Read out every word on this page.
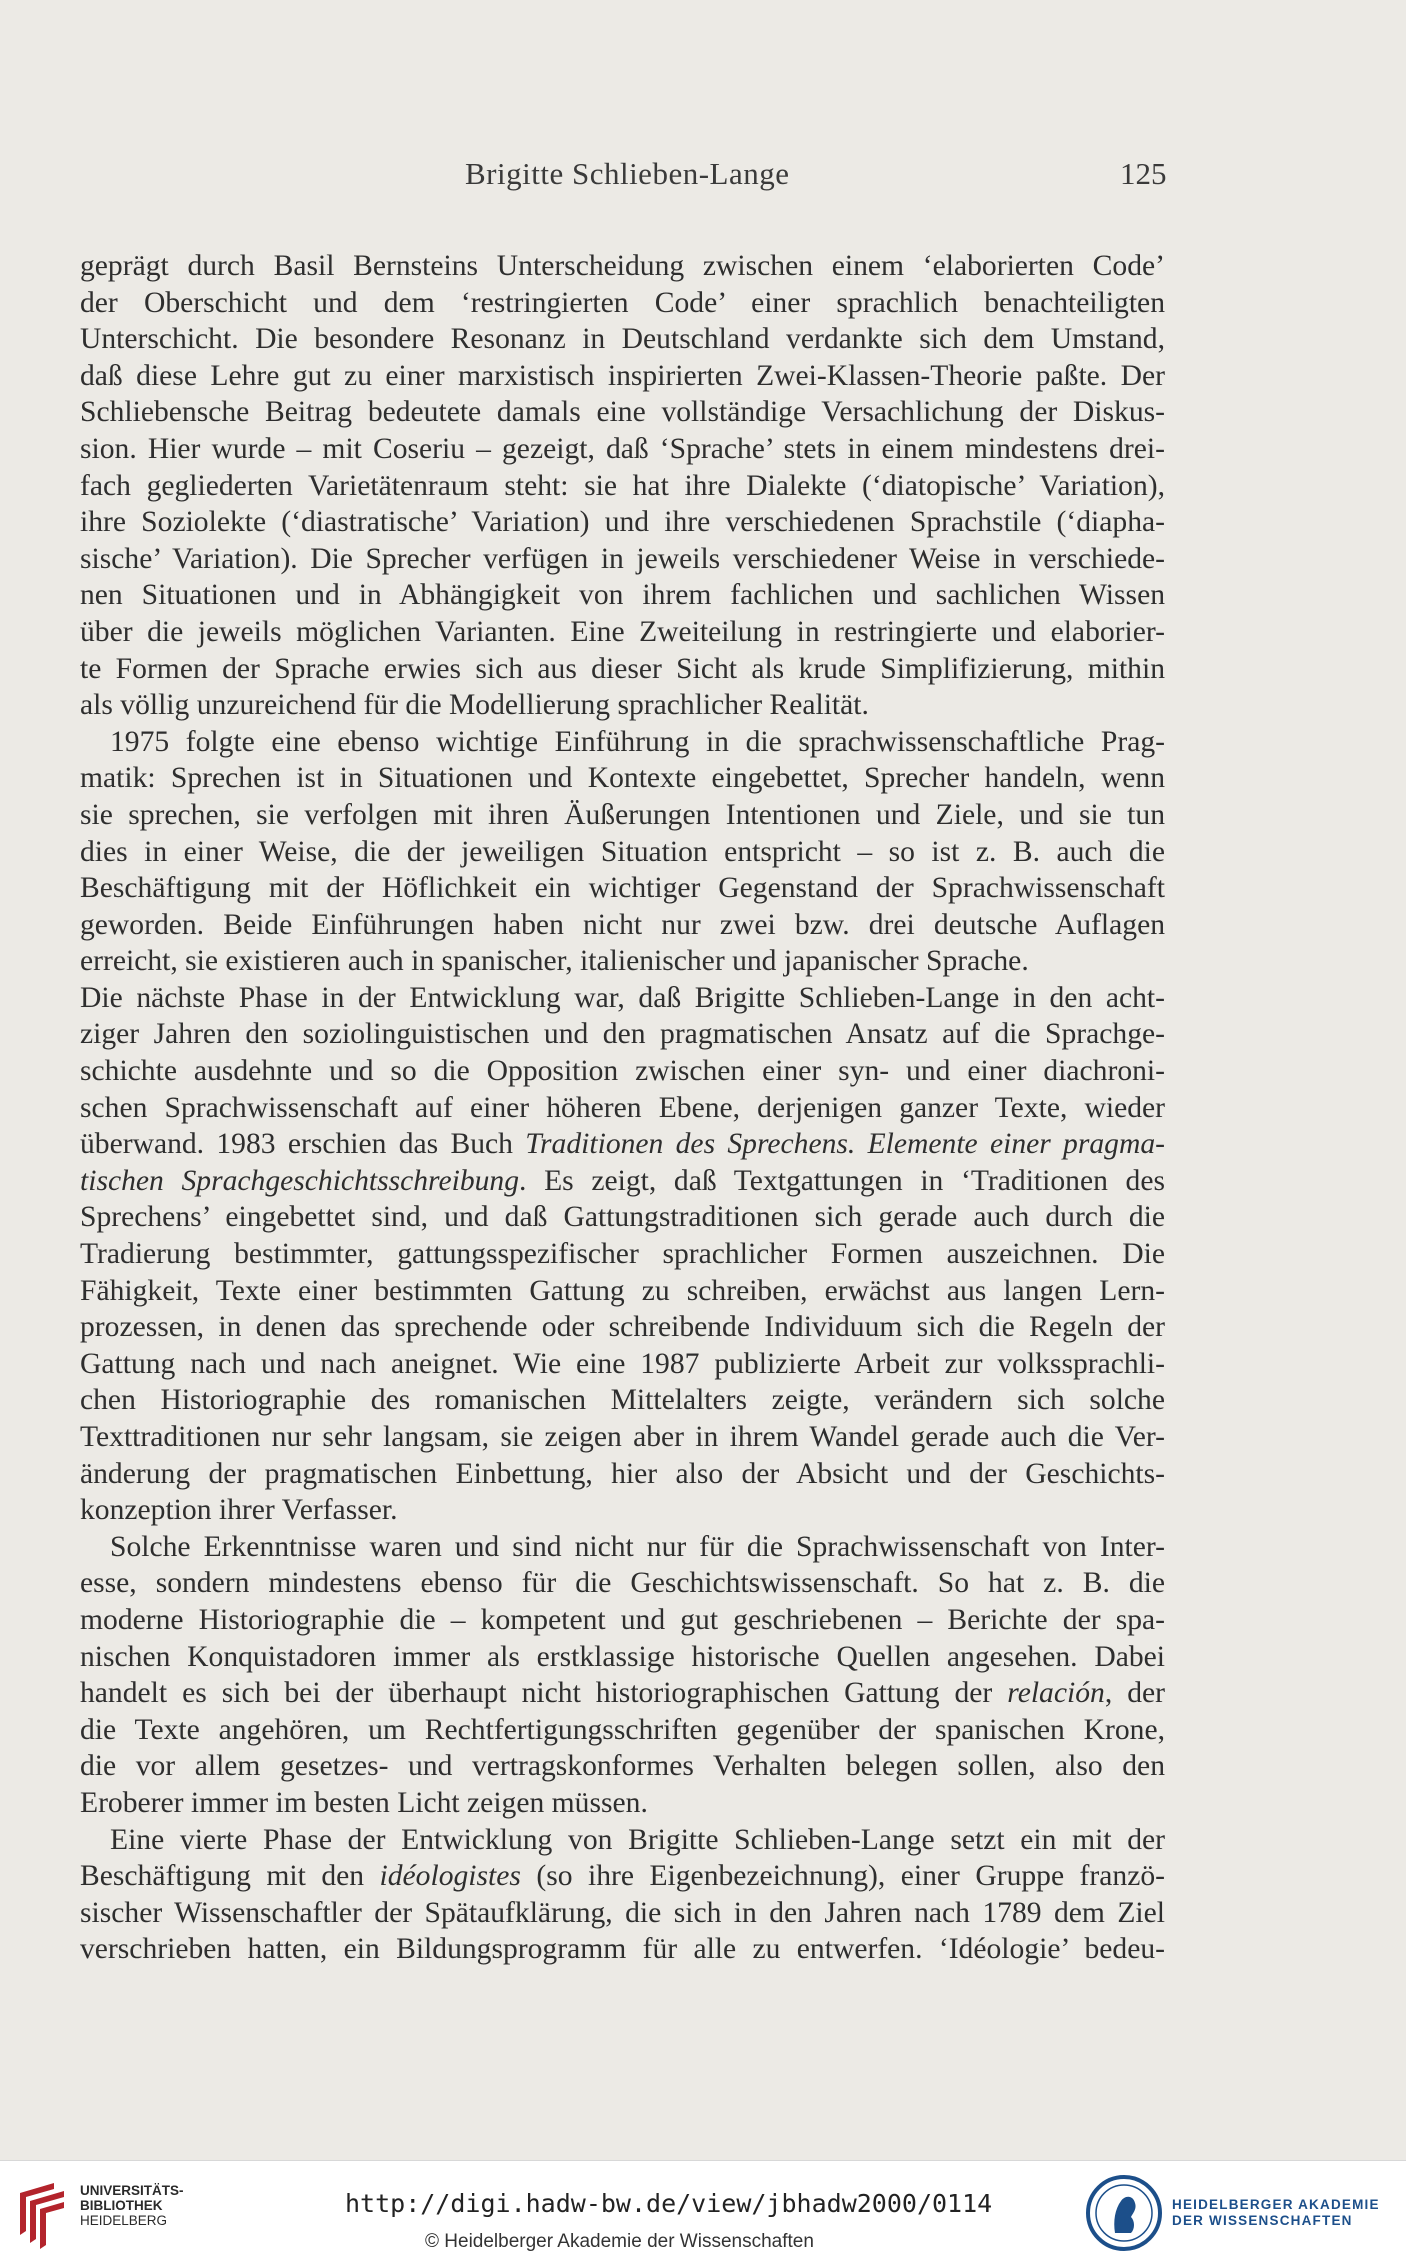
Brigitte Schlieben-Lange	125
geprägt durch Basil Bernsteins Unterscheidung zwischen einem ‘elaborierten Code’
der Oberschicht und dem ‘restringierten Code’ einer sprachlich benachteiligten
Unterschicht. Die besondere Resonanz in Deutschland verdankte sich dem Umstand,
daß diese Lehre gut zu einer marxistisch inspirierten Zwei-Klassen-Theorie paßte. Der
Schliebensche Beitrag bedeutete damals eine vollständige Versachlichung der Diskus-
sion. Hier wurde – mit Coseriu – gezeigt, daß ‘Sprache’ stets in einem mindestens drei-
fach gegliederten Varietätenraum steht: sie hat ihre Dialekte (‘diatopische’ Variation),
ihre Soziolekte (‘diastratische’ Variation) und ihre verschiedenen Sprachstile (‘diapha-
sische’ Variation). Die Sprecher verfügen in jeweils verschiedener Weise in verschiede-
nen Situationen und in Abhängigkeit von ihrem fachlichen und sachlichen Wissen
über die jeweils möglichen Varianten. Eine Zweiteilung in restringierte und elaborier-
te Formen der Sprache erwies sich aus dieser Sicht als krude Simplifizierung, mithin
als völlig unzureichend für die Modellierung sprachlicher Realität.
1975 folgte eine ebenso wichtige Einführung in die sprachwissenschaftliche Prag-
matik: Sprechen ist in Situationen und Kontexte eingebettet, Sprecher handeln, wenn
sie sprechen, sie verfolgen mit ihren Äußerungen Intentionen und Ziele, und sie tun
dies in einer Weise, die der jeweiligen Situation entspricht – so ist z. B. auch die
Beschäftigung mit der Höflichkeit ein wichtiger Gegenstand der Sprachwissenschaft
geworden. Beide Einführungen haben nicht nur zwei bzw. drei deutsche Auflagen
erreicht, sie existieren auch in spanischer, italienischer und japanischer Sprache.
Die nächste Phase in der Entwicklung war, daß Brigitte Schlieben-Lange in den acht-
ziger Jahren den soziolinguistischen und den pragmatischen Ansatz auf die Sprachge-
schichte ausdehnte und so die Opposition zwischen einer syn- und einer diachroni-
schen Sprachwissenschaft auf einer höheren Ebene, derjenigen ganzer Texte, wieder
überwand. 1983 erschien das Buch Traditionen des Sprechens. Elemente einer pragma-
tischen Sprachgeschichtsschreibung. Es zeigt, daß Textgattungen in ‘Traditionen des
Sprechens’ eingebettet sind, und daß Gattungstraditionen sich gerade auch durch die
Tradierung bestimmter, gattungsspezifischer sprachlicher Formen auszeichnen. Die
Fähigkeit, Texte einer bestimmten Gattung zu schreiben, erwächst aus langen Lern-
prozessen, in denen das sprechende oder schreibende Individuum sich die Regeln der
Gattung nach und nach aneignet. Wie eine 1987 publizierte Arbeit zur volkssprachli-
chen Historiographie des romanischen Mittelalters zeigte, verändern sich solche
Texttraditionen nur sehr langsam, sie zeigen aber in ihrem Wandel gerade auch die Ver-
änderung der pragmatischen Einbettung, hier also der Absicht und der Geschichts-
konzeption ihrer Verfasser.
Solche Erkenntnisse waren und sind nicht nur für die Sprachwissenschaft von Inter-
esse, sondern mindestens ebenso für die Geschichtswissenschaft. So hat z. B. die
moderne Historiographie die – kompetent und gut geschriebenen – Berichte der spa-
nischen Konquistadoren immer als erstklassige historische Quellen angesehen. Dabei
handelt es sich bei der überhaupt nicht historiographischen Gattung der relación, der
die Texte angehören, um Rechtfertigungsschriften gegenüber der spanischen Krone,
die vor allem gesetzes- und vertragskonformes Verhalten belegen sollen, also den
Eroberer immer im besten Licht zeigen müssen.
Eine vierte Phase der Entwicklung von Brigitte Schlieben-Lange setzt ein mit der
Beschäftigung mit den idéologistes (so ihre Eigenbezeichnung), einer Gruppe franzö-
sischer Wissenschaftler der Spätaufklärung, die sich in den Jahren nach 1789 dem Ziel
verschrieben hatten, ein Bildungsprogramm für alle zu entwerfen. ‘Idéologie’ bedeu-
UNIVERSITÄTS-
BIBLIOTHEK
HEIDELBERG
http://digi.hadw-bw.de/view/jbhadw2000/0114
© Heidelberger Akademie der Wissenschaften
HEIDELBERGER AKADEMIE
DER WISSENSCHAFTEN
